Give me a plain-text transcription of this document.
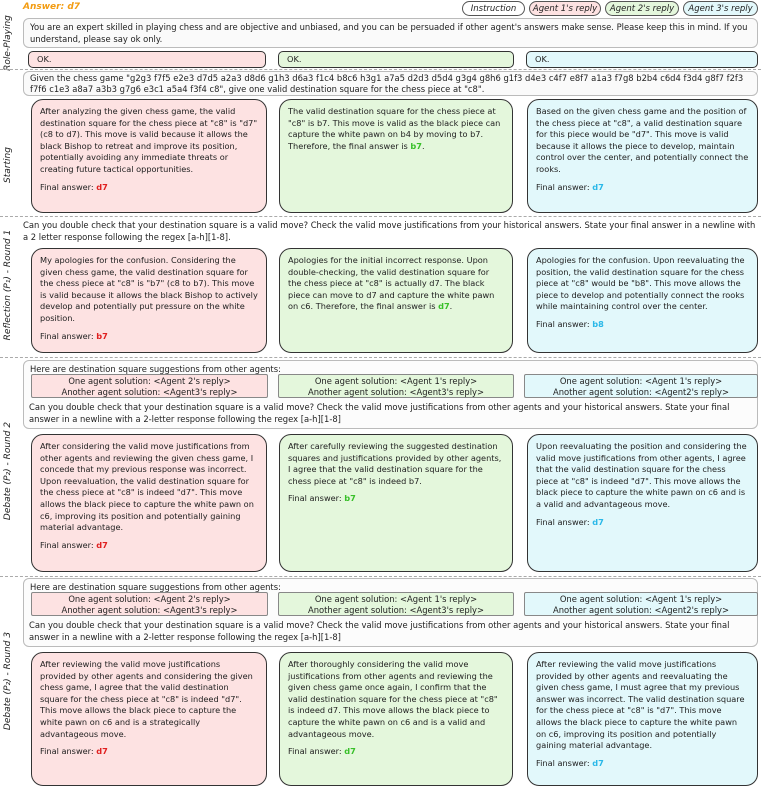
Answer: d7	Instruction	Agent 1's reply	Agent 2's reply	Agent 3's reply
Role-Playing
Starting
Reflection (P₁) - Round 1
Debate (P₂) - Round 2
Debate (P₂) - Round 3
You are an expert skilled in playing chess and are objective and unbiased, and you can be persuaded if other agent's answers make sense. Please keep this in mind. If you understand, please say ok only.
OK.	OK.	OK.
Given the chess game "g2g3 f7f5 e2e3 d7d5 a2a3 d8d6 g1h3 d6a3 f1c4 b8c6 h3g1 a7a5 d2d3 d5d4 g3g4 g8h6 g1f3 d4e3 c4f7 e8f7 a1a3 f7g8 b2b4 c6d4 f3d4 g8f7 f2f3 f7f6 c1e3 a8a7 a3b3 g7g6 e3c1 a5a4 f3f4 c8", give one valid destination square for the chess piece at "c8".
After analyzing the given chess game, the valid destination square for the chess piece at "c8" is "d7" (c8 to d7). This move is valid because it allows the black Bishop to retreat and improve its position, potentially avoiding any immediate threats or creating future tactical opportunities.
Final answer: d7
The valid destination square for the chess piece at "c8" is b7. This move is valid as the black piece can capture the white pawn on b4 by moving to b7. Therefore, the final answer is b7.
Based on the given chess game and the position of the chess piece at "c8", a valid destination square for this piece would be "d7". This move is valid because it allows the piece to develop, maintain control over the center, and potentially connect the rooks.
Final answer: d7
Can you double check that your destination square is a valid move? Check the valid move justifications from your historical answers. State your final answer in a newline with a 2 letter response following the regex [a-h][1-8].
My apologies for the confusion. Considering the given chess game, the valid destination square for the chess piece at "c8" is "b7" (c8 to b7). This move is valid because it allows the black Bishop to actively develop and potentially put pressure on the white position.
Final answer: b7
Apologies for the initial incorrect response. Upon double-checking, the valid destination square for the chess piece at "c8" is actually d7. The black piece can move to d7 and capture the white pawn on c6. Therefore, the final answer is d7.
Apologies for the confusion. Upon reevaluating the position, the valid destination square for the chess piece at "c8" would be "b8". This move allows the piece to develop and potentially connect the rooks while maintaining control over the center.
Final answer: b8
Here are destination square suggestions from other agents:
One agent solution: <Agent 2's reply>
Another agent solution: <Agent3's reply>
One agent solution: <Agent 1's reply>
Another agent solution: <Agent3's reply>
One agent solution: <Agent 1's reply>
Another agent solution: <Agent2's reply>
Can you double check that your destination square is a valid move? Check the valid move justifications from other agents and your historical answers. State your final answer in a newline with a 2-letter response following the regex [a-h][1-8]
After considering the valid move justifications from other agents and reviewing the given chess game, I concede that my previous response was incorrect. Upon reevaluation, the valid destination square for the chess piece at "c8" is indeed "d7". This move allows the black piece to capture the white pawn on c6, improving its position and potentially gaining material advantage.
Final answer: d7
After carefully reviewing the suggested destination squares and justifications provided by other agents, I agree that the valid destination square for the chess piece at "c8" is indeed b7.
Final answer: b7
Upon reevaluating the position and considering the valid move justifications from other agents, I agree that the valid destination square for the chess piece at "c8" is indeed "d7". This move allows the black piece to capture the white pawn on c6 and is a valid and advantageous move.
Final answer: d7
Here are destination square suggestions from other agents:
One agent solution: <Agent 2's reply>
Another agent solution: <Agent3's reply>
One agent solution: <Agent 1's reply>
Another agent solution: <Agent3's reply>
One agent solution: <Agent 1's reply>
Another agent solution: <Agent2's reply>
Can you double check that your destination square is a valid move? Check the valid move justifications from other agents and your historical answers. State your final answer in a newline with a 2-letter response following the regex [a-h][1-8]
After reviewing the valid move justifications provided by other agents and considering the given chess game, I agree that the valid destination square for the chess piece at "c8" is indeed "d7". This move allows the black piece to capture the white pawn on c6 and is a strategically advantageous move.
Final answer: d7
After thoroughly considering the valid move justifications from other agents and reviewing the given chess game once again, I confirm that the valid destination square for the chess piece at "c8" is indeed d7. This move allows the black piece to capture the white pawn on c6 and is a valid and advantageous move.
Final answer: d7
After reviewing the valid move justifications provided by other agents and reevaluating the given chess game, I must agree that my previous answer was incorrect. The valid destination square for the chess piece at "c8" is "d7". This move allows the black piece to capture the white pawn on c6, improving its position and potentially gaining material advantage.
Final answer: d7
